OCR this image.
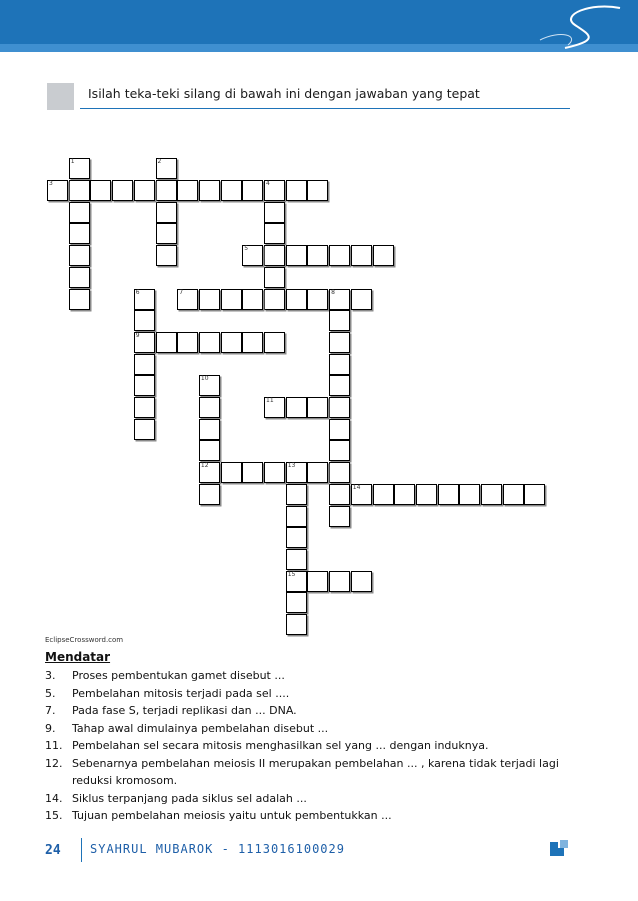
Isilah teka-teki silang di bawah ini dengan jawaban yang tepat
1	2
3	4
5
6
9
7	8
10
12
11
13
15
14
EclipseCrossword.com
Mendatar
3.	Proses pembentukan gamet disebut ...
5.	Pembelahan mitosis terjadi pada sel ....
7.	Pada fase S, terjadi replikasi dan ... DNA.
9.	Tahap awal dimulainya pembelahan disebut ...
11. Pembelahan sel secara mitosis menghasilkan sel yang ... dengan induknya.
12. Sebenarnya pembelahan meiosis II merupakan pembelahan ... , karena tidak terjadi lagi reduksi kromosom.
14. Siklus terpanjang pada siklus sel adalah ...
15. Tujuan pembelahan meiosis yaitu untuk pembentukkan ...
24 SYAHRUL MUBAROK - 1113016100029
